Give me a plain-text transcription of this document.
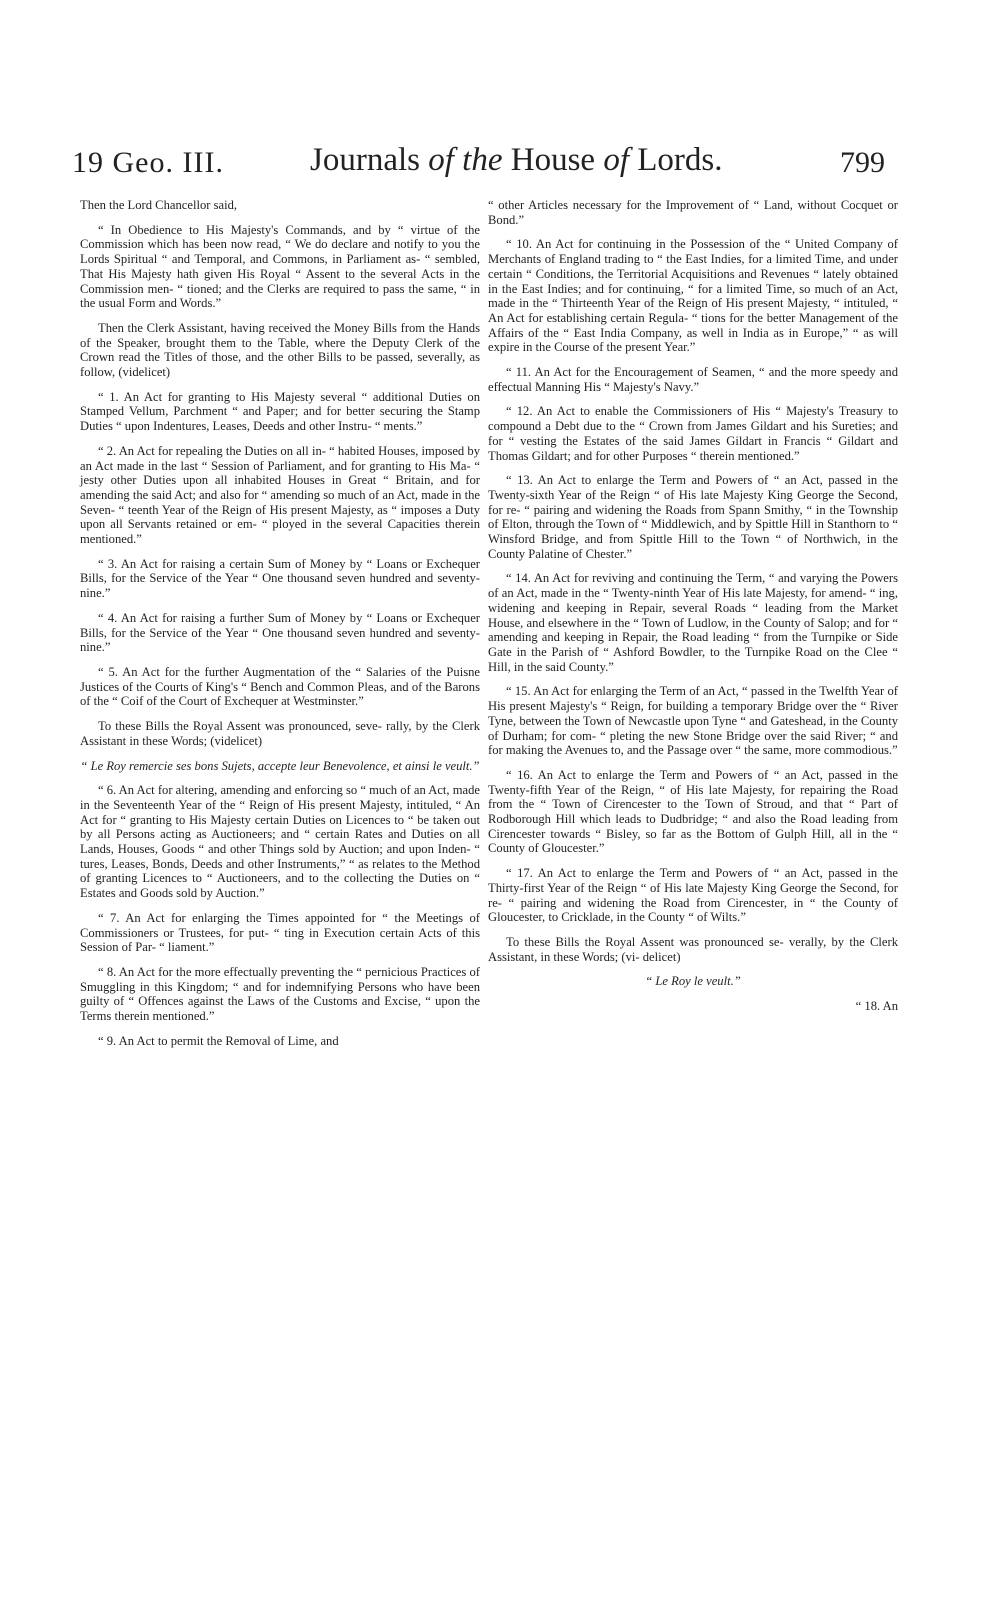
19 Geo. III.	Journals of the House of Lords.	799

Then the Lord Chancellor said,

“ In Obedience to His Majesty's Commands, and by “ virtue of the Commission which has been now read, “ We do declare and notify to you the Lords Spiritual “ and Temporal, and Commons, in Parliament as- “ sembled, That His Majesty hath given His Royal “ Assent to the several Acts in the Commission men- “ tioned; and the Clerks are required to pass the same, “ in the usual Form and Words.”

Then the Clerk Assistant, having received the Money Bills from the Hands of the Speaker, brought them to the Table, where the Deputy Clerk of the Crown read the Titles of those, and the other Bills to be passed, severally, as follow, (videlicet)

“ 1. An Act for granting to His Majesty several “ additional Duties on Stamped Vellum, Parchment “ and Paper; and for better securing the Stamp Duties “ upon Indentures, Leases, Deeds and other Instru- “ ments.”

“ 2. An Act for repealing the Duties on all in- “ habited Houses, imposed by an Act made in the last “ Session of Parliament, and for granting to His Ma- “ jesty other Duties upon all inhabited Houses in Great “ Britain, and for amending the said Act; and also for “ amending so much of an Act, made in the Seven- “ teenth Year of the Reign of His present Majesty, as “ imposes a Duty upon all Servants retained or em- “ ployed in the several Capacities therein mentioned.”

“ 3. An Act for raising a certain Sum of Money by “ Loans or Exchequer Bills, for the Service of the Year “ One thousand seven hundred and seventy-nine.”

“ 4. An Act for raising a further Sum of Money by “ Loans or Exchequer Bills, for the Service of the Year “ One thousand seven hundred and seventy-nine.”

“ 5. An Act for the further Augmentation of the “ Salaries of the Puisne Justices of the Courts of King's “ Bench and Common Pleas, and of the Barons of the “ Coif of the Court of Exchequer at Westminster.”

To these Bills the Royal Assent was pronounced, seve- rally, by the Clerk Assistant in these Words; (videlicet)

“ Le Roy remercie ses bons Sujets, accepte leur Benevolence, et ainsi le veult.”

“ 6. An Act for altering, amending and enforcing so “ much of an Act, made in the Seventeenth Year of the “ Reign of His present Majesty, intituled, “ An Act for “ granting to His Majesty certain Duties on Licences to “ be taken out by all Persons acting as Auctioneers; and “ certain Rates and Duties on all Lands, Houses, Goods “ and other Things sold by Auction; and upon Inden- “ tures, Leases, Bonds, Deeds and other Instruments,” “ as relates to the Method of granting Licences to “ Auctioneers, and to the collecting the Duties on “ Estates and Goods sold by Auction.”

“ 7. An Act for enlarging the Times appointed for “ the Meetings of Commissioners or Trustees, for put- “ ting in Execution certain Acts of this Session of Par- “ liament.”

“ 8. An Act for the more effectually preventing the “ pernicious Practices of Smuggling in this Kingdom; “ and for indemnifying Persons who have been guilty of “ Offences against the Laws of the Customs and Excise, “ upon the Terms therein mentioned.”

“ 9. An Act to permit the Removal of Lime, and

“ other Articles necessary for the Improvement of “ Land, without Cocquet or Bond.”

“ 10. An Act for continuing in the Possession of the “ United Company of Merchants of England trading to “ the East Indies, for a limited Time, and under certain “ Conditions, the Territorial Acquisitions and Revenues “ lately obtained in the East Indies; and for continuing, “ for a limited Time, so much of an Act, made in the “ Thirteenth Year of the Reign of His present Majesty, “ intituled, “ An Act for establishing certain Regula- “ tions for the better Management of the Affairs of the “ East India Company, as well in India as in Europe,” “ as will expire in the Course of the present Year.”

“ 11. An Act for the Encouragement of Seamen, “ and the more speedy and effectual Manning His “ Majesty's Navy.”

“ 12. An Act to enable the Commissioners of His “ Majesty's Treasury to compound a Debt due to the “ Crown from James Gildart and his Sureties; and for “ vesting the Estates of the said James Gildart in Francis “ Gildart and Thomas Gildart; and for other Purposes “ therein mentioned.”

“ 13. An Act to enlarge the Term and Powers of “ an Act, passed in the Twenty-sixth Year of the Reign “ of His late Majesty King George the Second, for re- “ pairing and widening the Roads from Spann Smithy, “ in the Township of Elton, through the Town of “ Middlewich, and by Spittle Hill in Stanthorn to “ Winsford Bridge, and from Spittle Hill to the Town “ of Northwich, in the County Palatine of Chester.”

“ 14. An Act for reviving and continuing the Term, “ and varying the Powers of an Act, made in the “ Twenty-ninth Year of His late Majesty, for amend- “ ing, widening and keeping in Repair, several Roads “ leading from the Market House, and elsewhere in the “ Town of Ludlow, in the County of Salop; and for “ amending and keeping in Repair, the Road leading “ from the Turnpike or Side Gate in the Parish of “ Ashford Bowdler, to the Turnpike Road on the Clee “ Hill, in the said County.”

“ 15. An Act for enlarging the Term of an Act, “ passed in the Twelfth Year of His present Majesty's “ Reign, for building a temporary Bridge over the “ River Tyne, between the Town of Newcastle upon Tyne “ and Gateshead, in the County of Durham; for com- “ pleting the new Stone Bridge over the said River; “ and for making the Avenues to, and the Passage over “ the same, more commodious.”

“ 16. An Act to enlarge the Term and Powers of “ an Act, passed in the Twenty-fifth Year of the Reign, “ of His late Majesty, for repairing the Road from the “ Town of Cirencester to the Town of Stroud, and that “ Part of Rodborough Hill which leads to Dudbridge; “ and also the Road leading from Cirencester towards “ Bisley, so far as the Bottom of Gulph Hill, all in the “ County of Gloucester.”

“ 17. An Act to enlarge the Term and Powers of “ an Act, passed in the Thirty-first Year of the Reign “ of His late Majesty King George the Second, for re- “ pairing and widening the Road from Cirencester, in “ the County of Gloucester, to Cricklade, in the County “ of Wilts.”

To these Bills the Royal Assent was pronounced se- verally, by the Clerk Assistant, in these Words; (vi- delicet)

“ Le Roy le veult.”

“ 18. An
